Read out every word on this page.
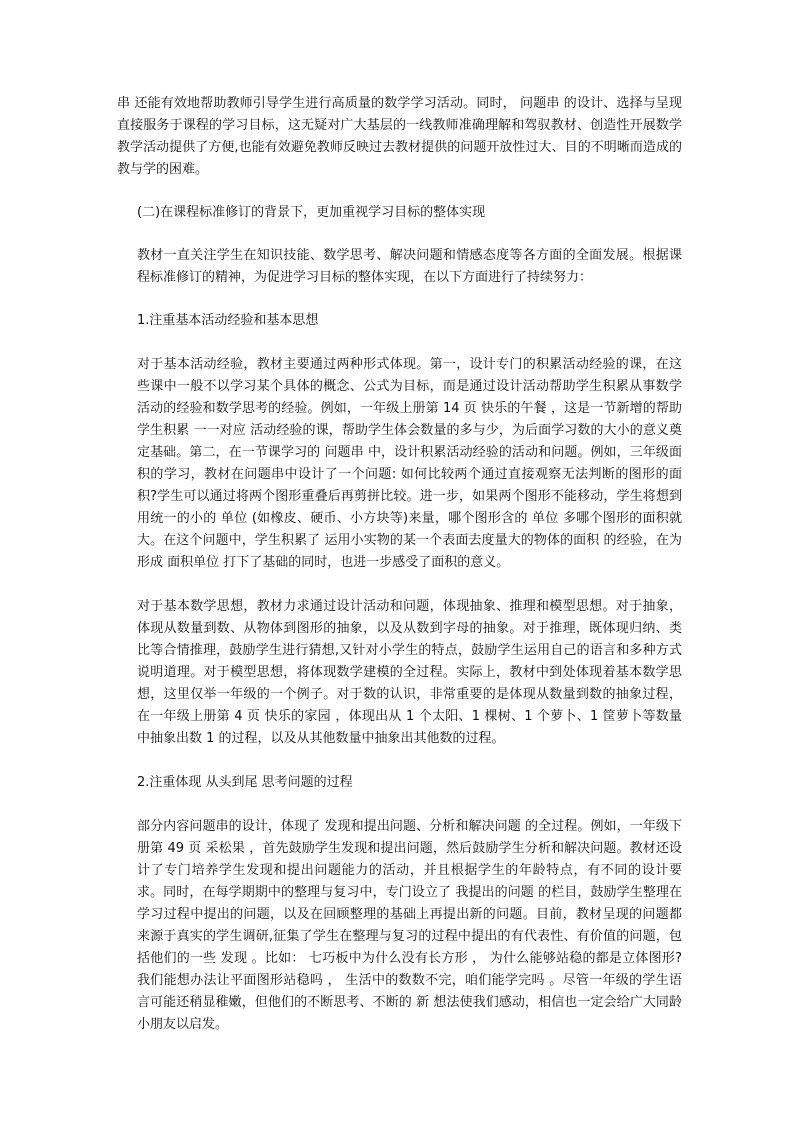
串 还能有效地帮助教师引导学生进行高质量的数学学习活动。同时， 问题串 的设计、选择与呈现直接服务于课程的学习目标，这无疑对广大基层的一线教师准确理解和驾驭教材、创造性开展数学教学活动提供了方便,也能有效避免教师反映过去教材提供的问题开放性过大、目的不明晰而造成的教与学的困难。

(二)在课程标准修订的背景下，更加重视学习目标的整体实现

教材一直关注学生在知识技能、数学思考、解决问题和情感态度等各方面的全面发展。根据课程标准修订的精神，为促进学习目标的整体实现，在以下方面进行了持续努力：

1.注重基本活动经验和基本思想

对于基本活动经验，教材主要通过两种形式体现。第一，设计专门的积累活动经验的课，在这些课中一般不以学习某个具体的概念、公式为目标，而是通过设计活动帮助学生积累从事数学活动的经验和数学思考的经验。例如，一年级上册第 14 页 快乐的午餐 ，这是一节新增的帮助学生积累 一一对应 活动经验的课，帮助学生体会数量的多与少，为后面学习数的大小的意义奠定基础。第二，在一节课学习的 问题串 中，设计积累活动经验的活动和问题。例如，三年级面积的学习，教材在问题串中设计了一个问题: 如何比较两个通过直接观察无法判断的图形的面积?学生可以通过将两个图形重叠后再剪拼比较。进一步，如果两个图形不能移动，学生将想到用统一的小的 单位 (如橡皮、硬币、小方块等)来量，哪个图形含的 单位 多哪个图形的面积就大。在这个问题中，学生积累了 运用小实物的某一个表面去度量大的物体的面积 的经验，在为形成 面积单位 打下了基础的同时，也进一步感受了面积的意义。

对于基本数学思想，教材力求通过设计活动和问题，体现抽象、推理和模型思想。对于抽象，体现从数量到数、从物体到图形的抽象，以及从数到字母的抽象。对于推理，既体现归纳、类比等合情推理，鼓励学生进行猜想,又针对小学生的特点，鼓励学生运用自己的语言和多种方式说明道理。对于模型思想，将体现数学建模的全过程。实际上，教材中到处体现着基本数学思想，这里仅举一年级的一个例子。对于数的认识，非常重要的是体现从数量到数的抽象过程，在一年级上册第 4 页 快乐的家园 ，体现出从 1 个太阳、1 棵树、1 个萝卜、1 筐萝卜等数量中抽象出数 1 的过程，以及从其他数量中抽象出其他数的过程。

2.注重体现 从头到尾 思考问题的过程

部分内容问题串的设计，体现了 发现和提出问题、分析和解决问题 的全过程。例如，一年级下册第 49 页 采松果 ，首先鼓励学生发现和提出问题，然后鼓励学生分析和解决问题。教材还设计了专门培养学生发现和提出问题能力的活动，并且根据学生的年龄特点，有不同的设计要求。同时，在每学期期中的整理与复习中，专门设立了 我提出的问题 的栏目，鼓励学生整理在学习过程中提出的问题，以及在回顾整理的基础上再提出新的问题。目前，教材呈现的问题都来源于真实的学生调研,征集了学生在整理与复习的过程中提出的有代表性、有价值的问题，包括他们的一些 发现 。比如： 七巧板中为什么没有长方形 ， 为什么能够站稳的都是立体图形?我们能想办法让平面图形站稳吗 ， 生活中的数数不完，咱们能学完吗 。尽管一年级的学生语言可能还稍显稚嫩，但他们的不断思考、不断的 新 想法使我们感动，相信也一定会给广大同龄小朋友以启发。
